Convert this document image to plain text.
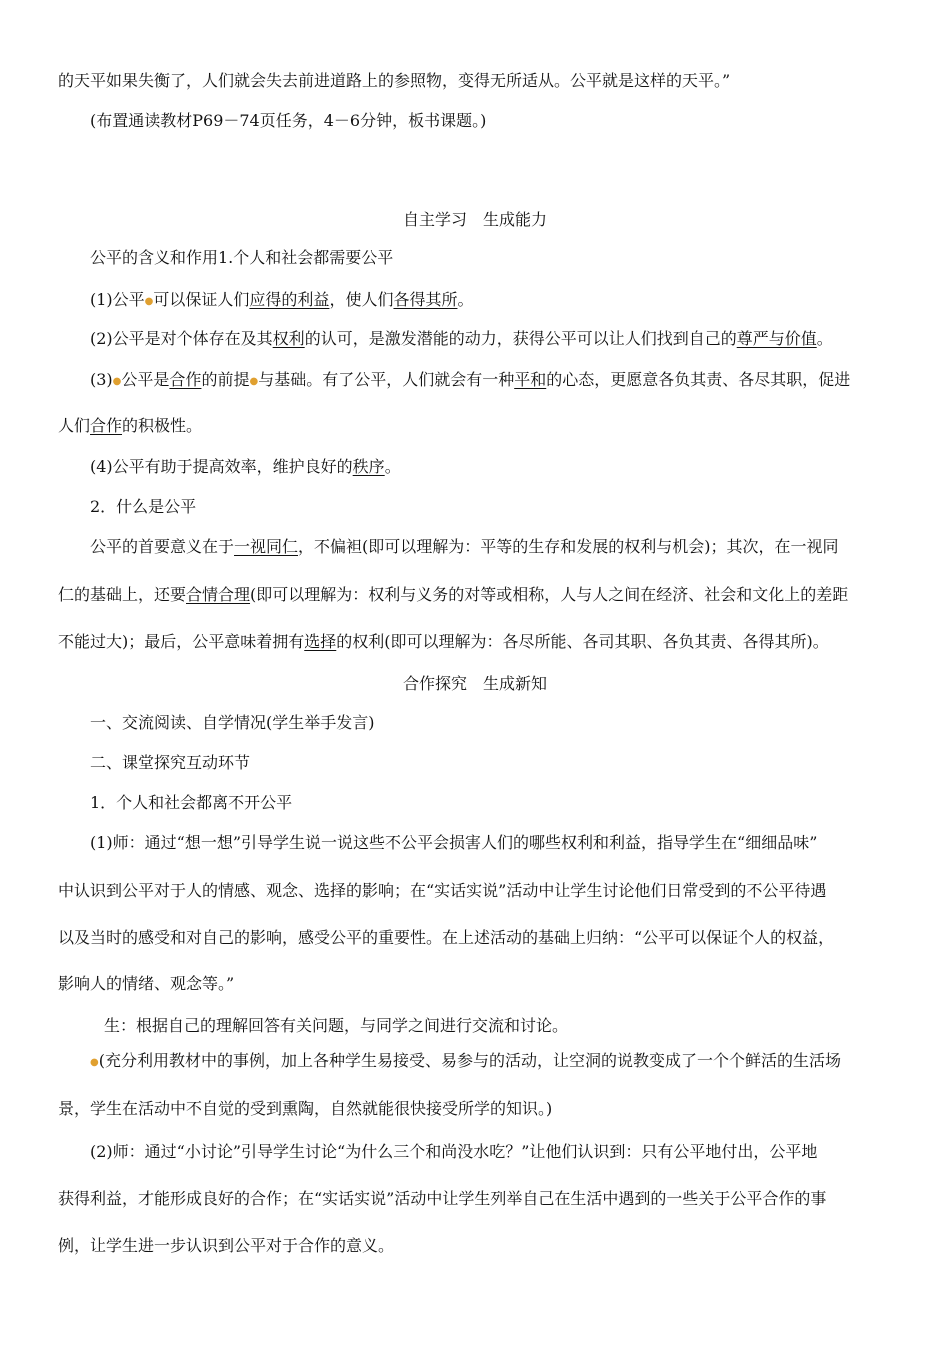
的天平如果失衡了，人们就会失去前进道路上的参照物，变得无所适从。公平就是这样的天平。”
(布置通读教材P69－74页任务，4－6分钟，板书课题。)
自主学习　生成能力
公平的含义和作用1.个人和社会都需要公平
(1)公平●可以保证人们应得的利益，使人们各得其所。
(2)公平是对个体存在及其权利的认可，是激发潜能的动力，获得公平可以让人们找到自己的尊严与价值。
(3)●公平是合作的前提●与基础。有了公平，人们就会有一种平和的心态，更愿意各负其责、各尽其职，促进
人们合作的积极性。
(4)公平有助于提高效率，维护良好的秩序。
2．什么是公平
公平的首要意义在于一视同仁，不偏袒(即可以理解为：平等的生存和发展的权利与机会)；其次，在一视同
仁的基础上，还要合情合理(即可以理解为：权利与义务的对等或相称，人与人之间在经济、社会和文化上的差距
不能过大)；最后，公平意味着拥有选择的权利(即可以理解为：各尽所能、各司其职、各负其责、各得其所)。
合作探究　生成新知
一、交流阅读、自学情况(学生举手发言)
二、课堂探究互动环节
1．个人和社会都离不开公平
(1)师：通过“想一想”引导学生说一说这些不公平会损害人们的哪些权利和利益，指导学生在“细细品味”
中认识到公平对于人的情感、观念、选择的影响；在“实话实说”活动中让学生讨论他们日常受到的不公平待遇
以及当时的感受和对自己的影响，感受公平的重要性。在上述活动的基础上归纳：“公平可以保证个人的权益，
影响人的情绪、观念等。”
生：根据自己的理解回答有关问题，与同学之间进行交流和讨论。
●(充分利用教材中的事例，加上各种学生易接受、易参与的活动，让空洞的说教变成了一个个鲜活的生活场
景，学生在活动中不自觉的受到熏陶，自然就能很快接受所学的知识。)
(2)师：通过“小讨论”引导学生讨论“为什么三个和尚没水吃？”让他们认识到：只有公平地付出，公平地
获得利益，才能形成良好的合作；在“实话实说”活动中让学生列举自己在生活中遇到的一些关于公平合作的事
例，让学生进一步认识到公平对于合作的意义。
